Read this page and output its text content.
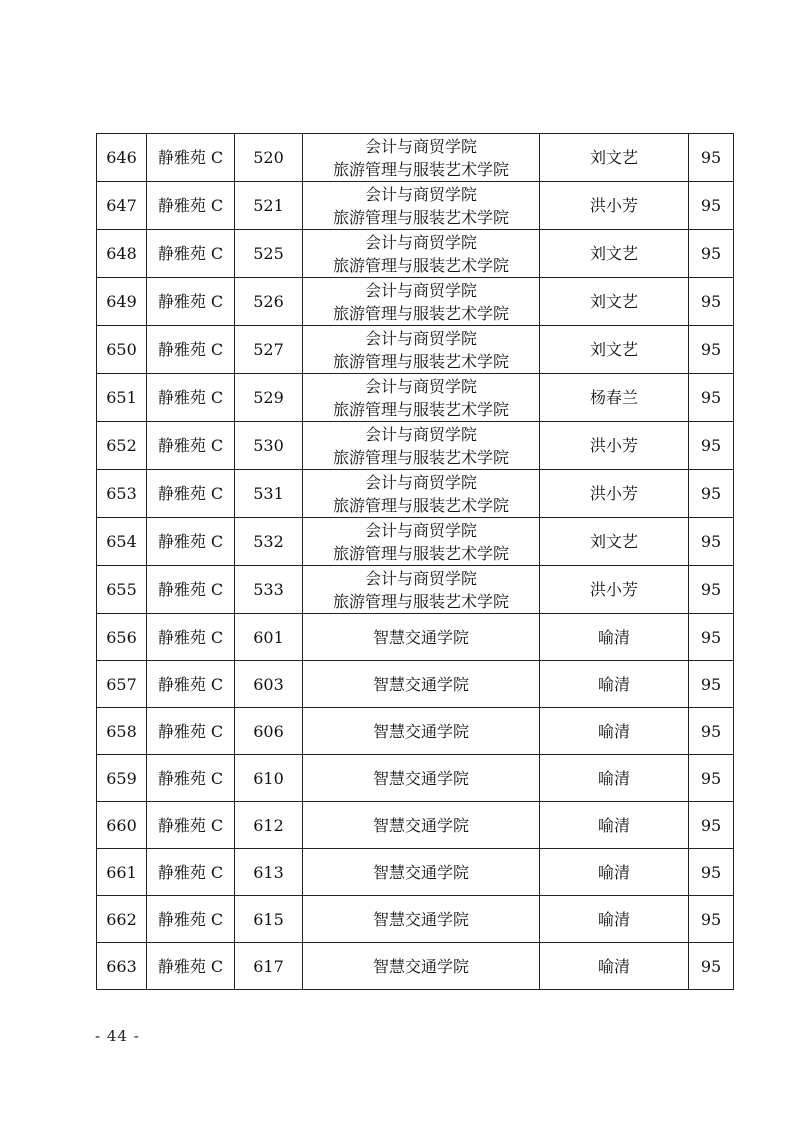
646	静雅苑 C	520	会计与商贸学院
旅游管理与服装艺术学院	刘文艺	95
647	静雅苑 C	521	会计与商贸学院
旅游管理与服装艺术学院	洪小芳	95
648	静雅苑 C	525	会计与商贸学院
旅游管理与服装艺术学院	刘文艺	95
649	静雅苑 C	526	会计与商贸学院
旅游管理与服装艺术学院	刘文艺	95
650	静雅苑 C	527	会计与商贸学院
旅游管理与服装艺术学院	刘文艺	95
651	静雅苑 C	529	会计与商贸学院
旅游管理与服装艺术学院	杨春兰	95
652	静雅苑 C	530	会计与商贸学院
旅游管理与服装艺术学院	洪小芳	95
653	静雅苑 C	531	会计与商贸学院
旅游管理与服装艺术学院	洪小芳	95
654	静雅苑 C	532	会计与商贸学院
旅游管理与服装艺术学院	刘文艺	95
655	静雅苑 C	533	会计与商贸学院
旅游管理与服装艺术学院	洪小芳	95
656	静雅苑 C	601	智慧交通学院	喻清	95
657	静雅苑 C	603	智慧交通学院	喻清	95
658	静雅苑 C	606	智慧交通学院	喻清	95
659	静雅苑 C	610	智慧交通学院	喻清	95
660	静雅苑 C	612	智慧交通学院	喻清	95
661	静雅苑 C	613	智慧交通学院	喻清	95
662	静雅苑 C	615	智慧交通学院	喻清	95
663	静雅苑 C	617	智慧交通学院	喻清	95
- 44 -
